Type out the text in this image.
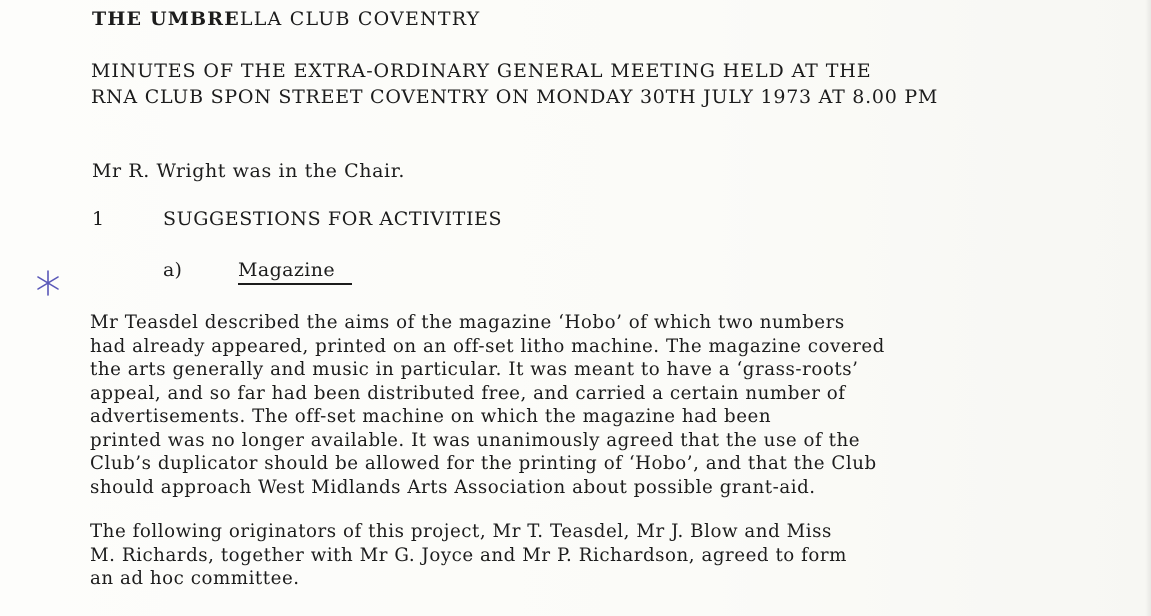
THE UMBRELLA CLUB COVENTRY
MINUTES OF THE EXTRA-ORDINARY GENERAL MEETING HELD AT THE
RNA CLUB SPON STREET COVENTRY ON MONDAY 30TH JULY 1973 AT 8.00 PM
Mr R. Wright was in the Chair.
1	SUGGESTIONS FOR ACTIVITIES
a)	Magazine
Mr Teasdel described the aims of the magazine ‘Hobo’ of which two numbers
had already appeared, printed on an off-set litho machine. The magazine covered
the arts generally and music in particular. It was meant to have a ‘grass-roots’
appeal, and so far had been distributed free, and carried a certain number of
advertisements. The off-set machine on which the magazine had been
printed was no longer available. It was unanimously agreed that the use of the
Club’s duplicator should be allowed for the printing of ‘Hobo’, and that the Club
should approach West Midlands Arts Association about possible grant-aid.
The following originators of this project, Mr T. Teasdel, Mr J. Blow and Miss
M. Richards, together with Mr G. Joyce and Mr P. Richardson, agreed to form
an ad hoc committee.
